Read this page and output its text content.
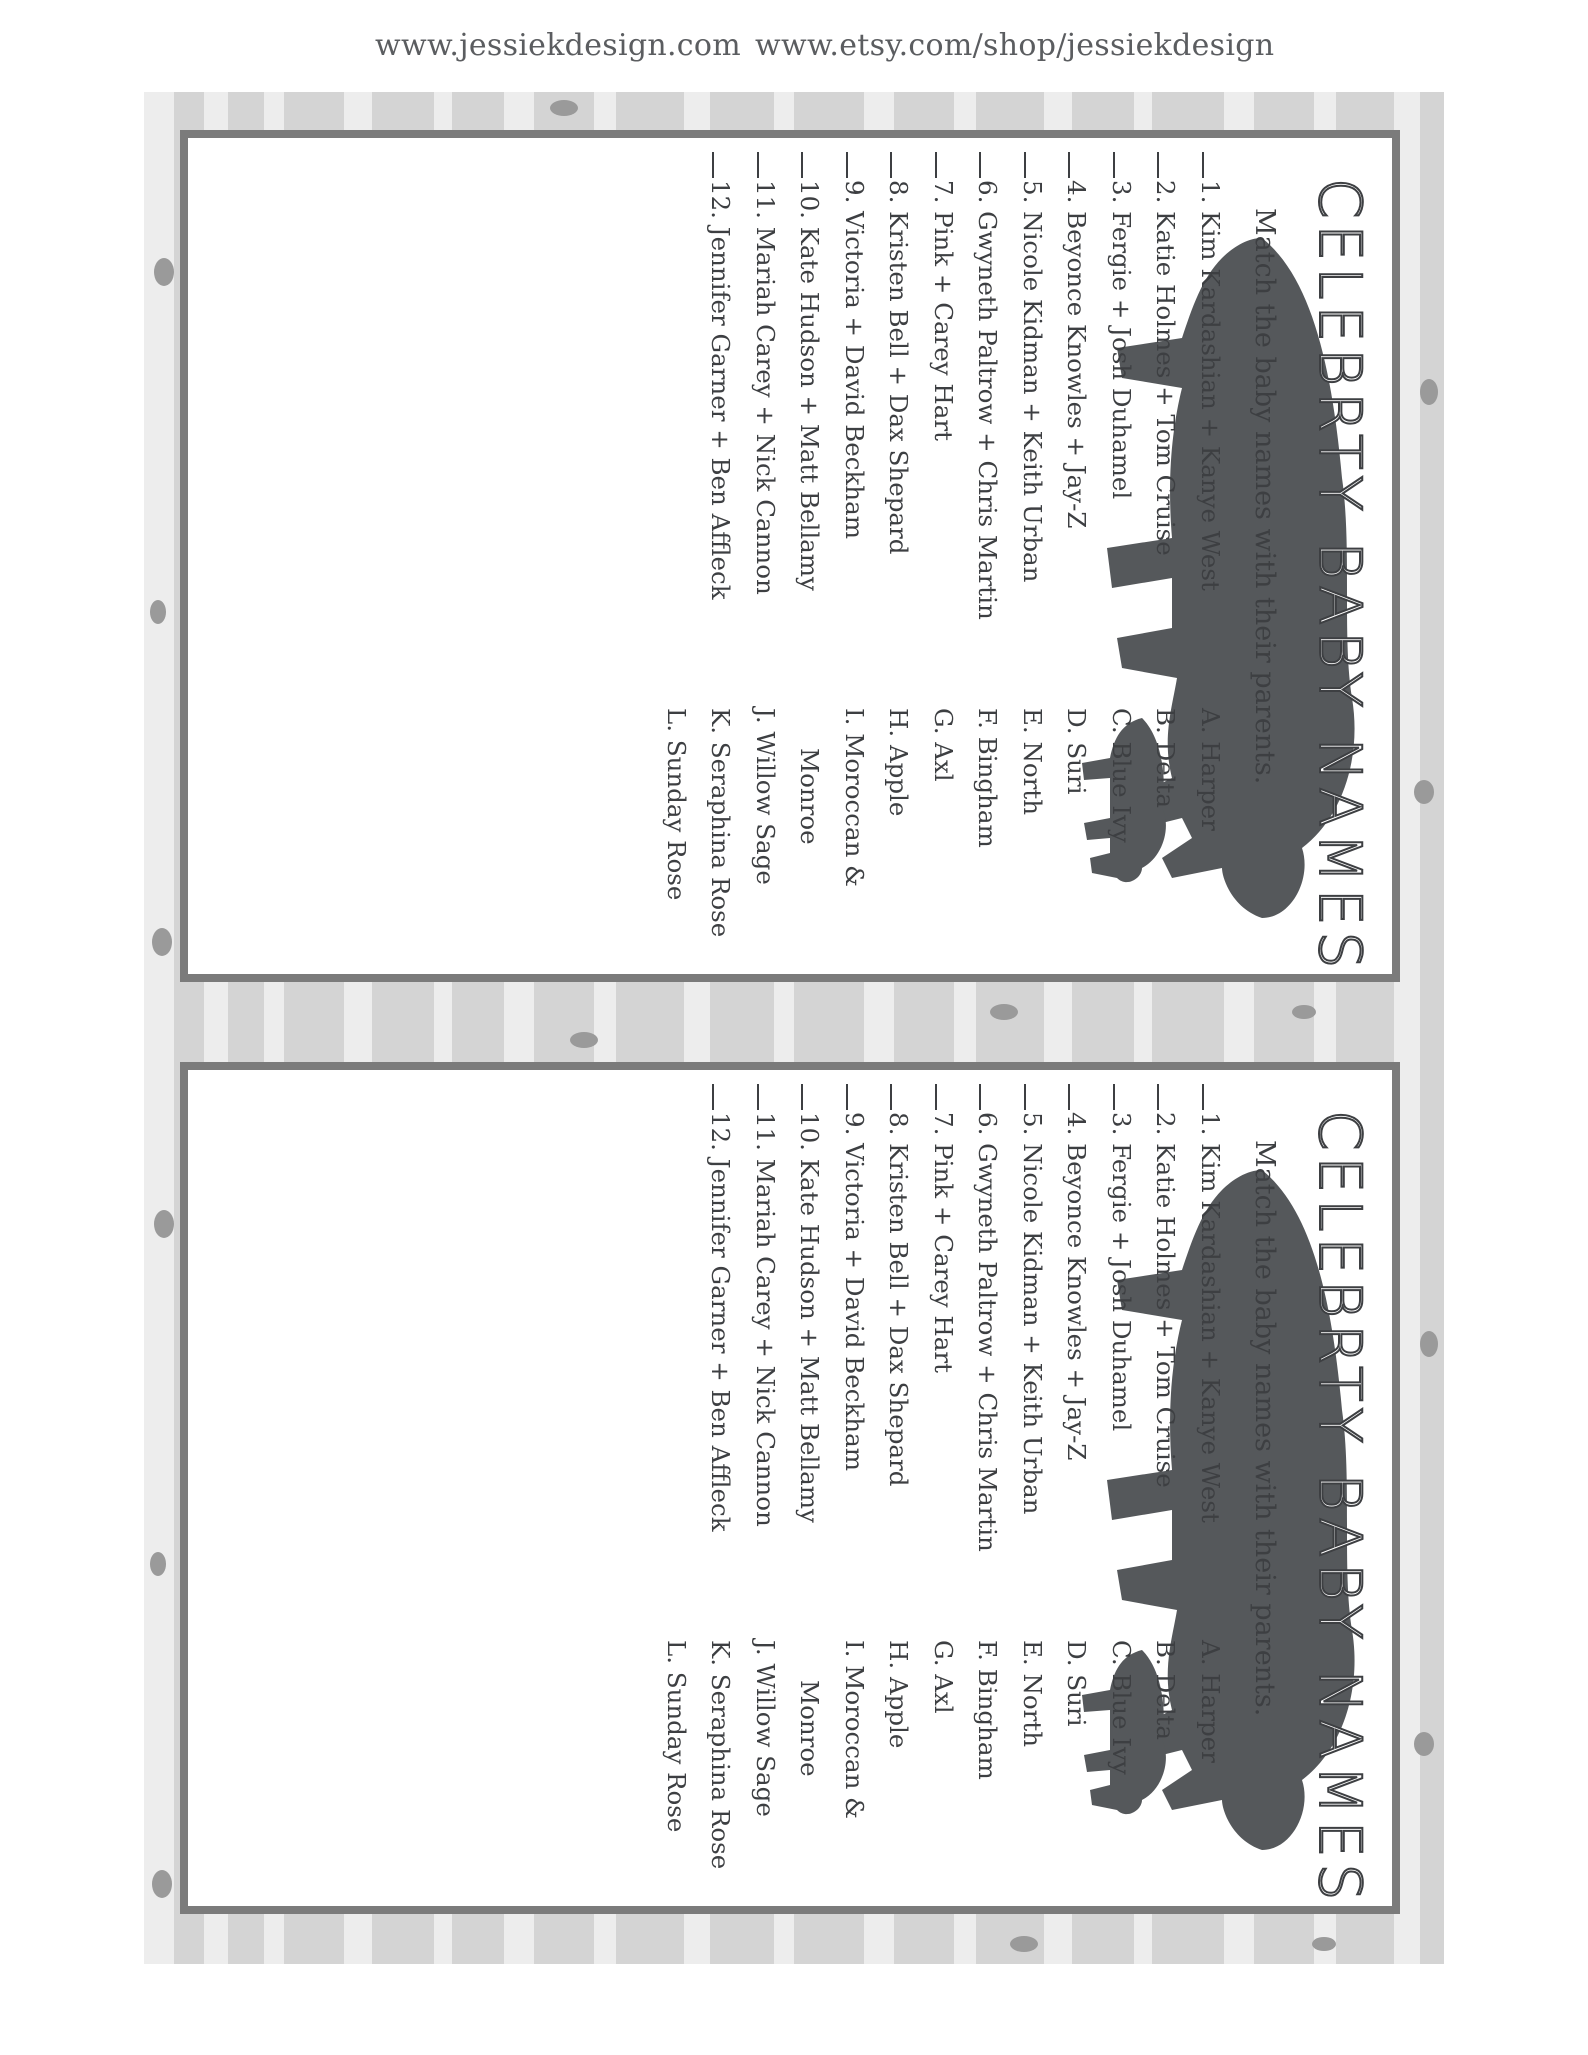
www.jessiekdesign.com www.etsy.com/shop/jessiekdesign
CELEBRTY BABY NAMES
Match the baby names with their parents.
1. Kim Kardashian + Kanye West
2. Katie Holmes + Tom Cruise
3. Fergie + Josh Duhamel
4. Beyonce Knowles + Jay-Z
5. Nicole Kidman + Keith Urban
6. Gwyneth Paltrow + Chris Martin
7. Pink + Carey Hart
8. Kristen Bell + Dax Shepard
9. Victoria + David Beckham
10. Kate Hudson + Matt Bellamy
11. Mariah Carey + Nick Cannon
12. Jennifer Garner + Ben Affleck
A. Harper
B. Delta
C. Blue Ivy
D. Suri
E. North
F. Bingham
G. Axl
H. Apple
I. Moroccan &
Monroe
J. Willow Sage
K. Seraphina Rose
L. Sunday Rose
CELEBRTY BABY NAMES
Match the baby names with their parents.
1. Kim Kardashian + Kanye West
2. Katie Holmes + Tom Cruise
3. Fergie + Josh Duhamel
4. Beyonce Knowles + Jay-Z
5. Nicole Kidman + Keith Urban
6. Gwyneth Paltrow + Chris Martin
7. Pink + Carey Hart
8. Kristen Bell + Dax Shepard
9. Victoria + David Beckham
10. Kate Hudson + Matt Bellamy
11. Mariah Carey + Nick Cannon
12. Jennifer Garner + Ben Affleck
A. Harper
B. Delta
C. Blue Ivy
D. Suri
E. North
F. Bingham
G. Axl
H. Apple
I. Moroccan &
Monroe
J. Willow Sage
K. Seraphina Rose
L. Sunday Rose
